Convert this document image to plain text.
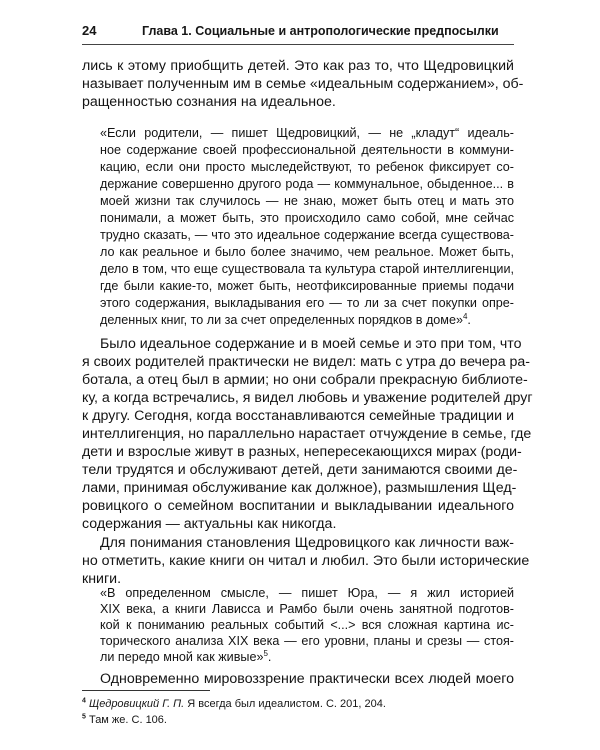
24	Глава 1. Социальные и антропологические предпосылки
лись к этому приобщить детей. Это как раз то, что Щедровицкий
называет полученным им в семье «идеальным содержанием», об-
ращенностью сознания на идеальное.
«Если родители, — пишет Щедровицкий, — не „кладут“ идеаль-
ное содержание своей профессиональной деятельности в коммуни-
кацию, если они просто мыследействуют, то ребенок фиксирует со-
держание совершенно другого рода — коммунальное, обыденное... в
моей жизни так случилось — не знаю, может быть отец и мать это
понимали, а может быть, это происходило само собой, мне сейчас
трудно сказать, — что это идеальное содержание всегда существова-
ло как реальное и было более значимо, чем реальное. Может быть,
дело в том, что еще существовала та культура старой интеллигенции,
где были какие-то, может быть, неотфиксированные приемы подачи
этого содержания, выкладывания его — то ли за счет покупки опре-
деленных книг, то ли за счет определенных порядков в доме»$^4$.
Было идеальное содержание и в моей семье и это при том, что
я своих родителей практически не видел: мать с утра до вечера ра-
ботала, а отец был в армии; но они собрали прекрасную библиоте-
ку, а когда встречались, я видел любовь и уважение родителей друг
к другу. Сегодня, когда восстанавливаются семейные традиции и
интеллигенция, но параллельно нарастает отчуждение в семье, где
дети и взрослые живут в разных, непересекающихся мирах (роди-
тели трудятся и обслуживают детей, дети занимаются своими де-
лами, принимая обслуживание как должное), размышления Щед-
ровицкого о семейном воспитании и выкладывании идеального
содержания — актуальны как никогда.
Для понимания становления Щедровицкого как личности важ-
но отметить, какие книги он читал и любил. Это были исторические
книги.
«В определенном смысле, — пишет Юра, — я жил историей
XIX века, а книги Лависса и Рамбо были очень занятной подготов-
кой к пониманию реальных событий <...> вся сложная картина ис-
торического анализа XIX века — его уровни, планы и срезы — стоя-
ли передо мной как живые»$^5$.
Одновременно мировоззрение практически всех людей моего
$^4$ Щедровицкий Г. П. Я всегда был идеалистом. С. 201, 204.
$^5$ Там же. С. 106.
